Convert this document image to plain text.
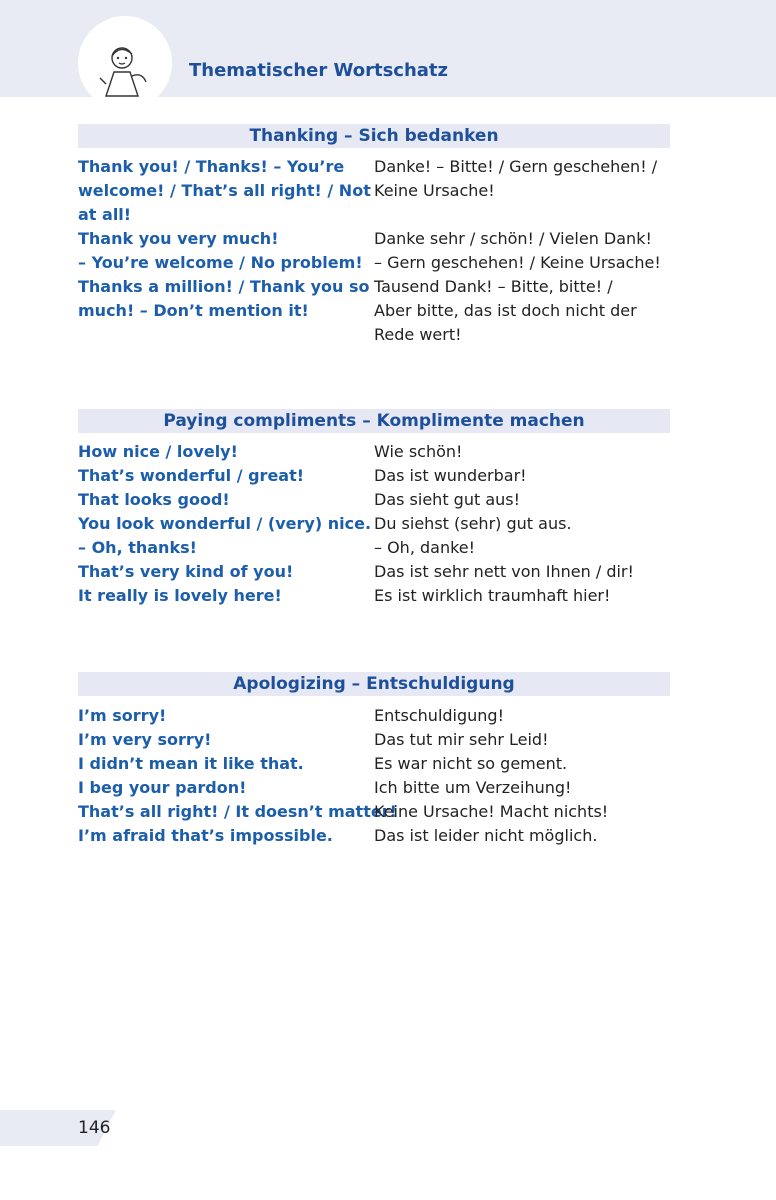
Thematischer Wortschatz
Thanking – Sich bedanken
Thank you! / Thanks! – You’re
welcome! / That’s all right! / Not
at all!
Thank you very much!
– You’re welcome / No problem!
Thanks a million! / Thank you so
much! – Don’t mention it!
Danke! – Bitte! / Gern geschehen! /
Keine Ursache!
Danke sehr / schön! / Vielen Dank!
– Gern geschehen! / Keine Ursache!
Tausend Dank! – Bitte, bitte! /
Aber bitte, das ist doch nicht der
Rede wert!
Paying compliments – Komplimente machen
How nice / lovely!
That’s wonderful / great!
That looks good!
You look wonderful / (very) nice.
– Oh, thanks!
That’s very kind of you!
It really is lovely here!
Wie schön!
Das ist wunderbar!
Das sieht gut aus!
Du siehst (sehr) gut aus.
– Oh, danke!
Das ist sehr nett von Ihnen / dir!
Es ist wirklich traumhaft hier!
Apologizing – Entschuldigung
I’m sorry!
I’m very sorry!
I didn’t mean it like that.
I beg your pardon!
That’s all right! / It doesn’t matter!
I’m afraid that’s impossible.
Entschuldigung!
Das tut mir sehr Leid!
Es war nicht so gement.
Ich bitte um Verzeihung!
Keine Ursache! Macht nichts!
Das ist leider nicht möglich.
146
